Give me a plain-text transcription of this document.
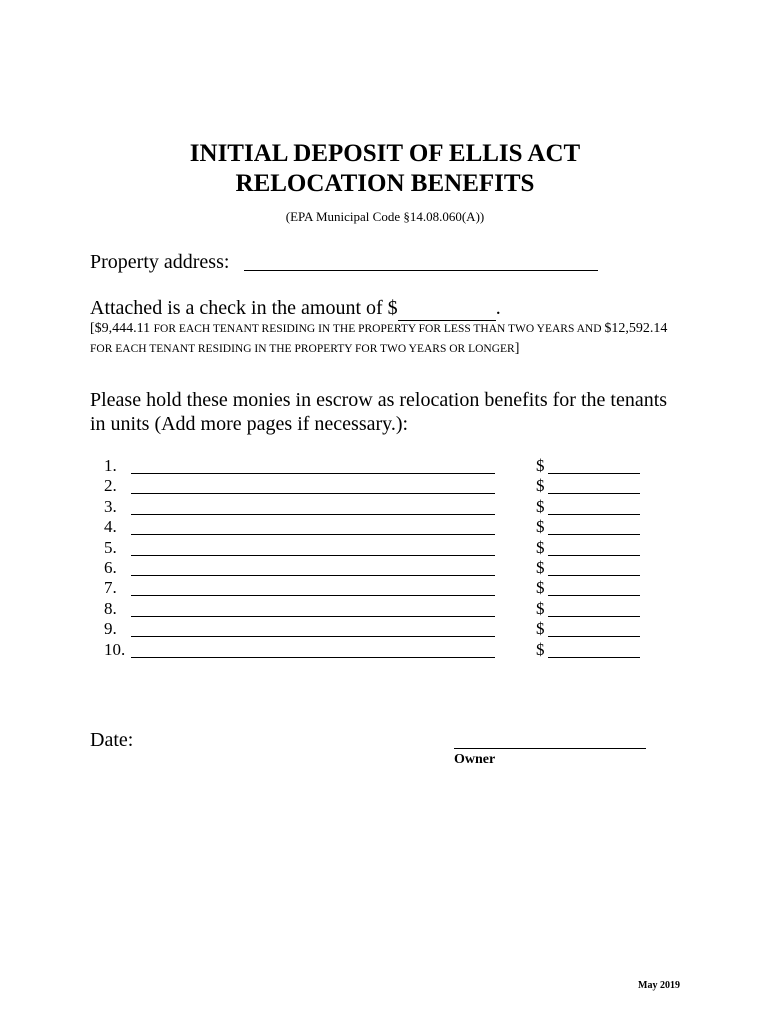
INITIAL DEPOSIT OF ELLIS ACT
RELOCATION BENEFITS
(EPA Municipal Code §14.08.060(A))
Property address:
Attached is a check in the amount of $	.
[$9,444.11 FOR EACH TENANT RESIDING IN THE PROPERTY FOR LESS THAN TWO YEARS AND $12,592.14
FOR EACH TENANT RESIDING IN THE PROPERTY FOR TWO YEARS OR LONGER]
Please hold these monies in escrow as relocation benefits for the tenants
in units (Add more pages if necessary.):
1.	$
2.	$
3.	$
4.	$
5.	$
6.	$
7.	$
8.	$
9.	$
10.	$
Date:
Owner
May 2019
